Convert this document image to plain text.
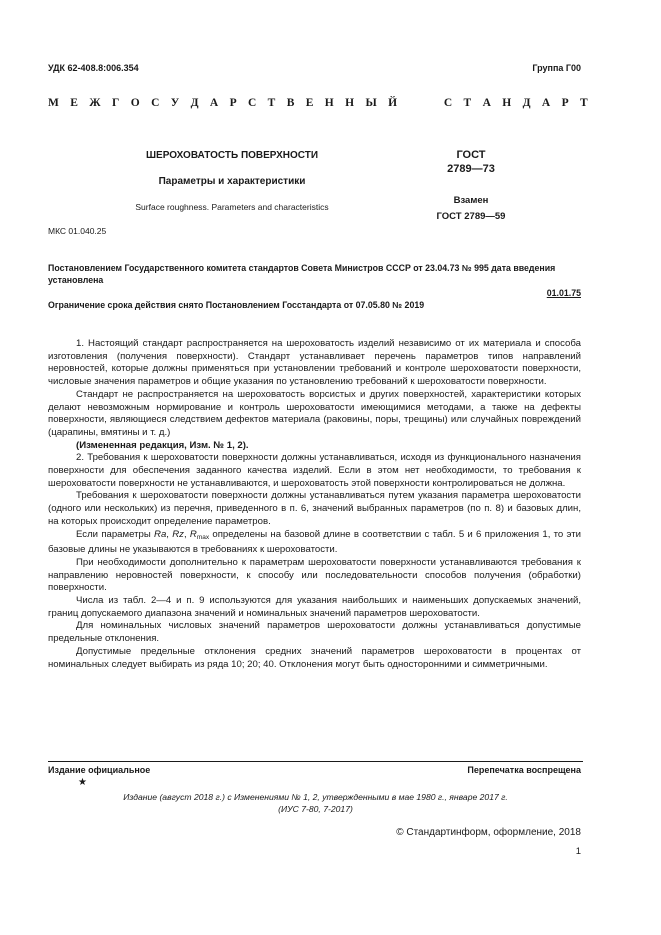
УДК 62-408.8:006.354	Группа Г00
М Е Ж Г О С У Д А Р С Т В Е Н Н Ы Й	С Т А Н Д А Р Т
ШЕРОХОВАТОСТЬ ПОВЕРХНОСТИ
Параметры и характеристики
Surface roughness. Parameters and characteristics
ГОСТ
2789—73
Взамен
ГОСТ 2789—59
МКС 01.040.25
Постановлением Государственного комитета стандартов Совета Министров СССР от 23.04.73 № 995 дата введения установлена
01.01.75
Ограничение срока действия снято Постановлением Госстандарта от 07.05.80 № 2019

1. Настоящий стандарт распространяется на шероховатость изделий независимо от их материала и способа изготовления (получения поверхности). Стандарт устанавливает перечень параметров типов направлений неровностей, которые должны применяться при установлении требований и контроле шероховатости поверхности, числовые значения параметров и общие указания по установлению требований к шероховатости поверхности.

Стандарт не распространяется на шероховатость ворсистых и других поверхностей, характеристики которых делают невозможным нормирование и контроль шероховатости имеющимися методами, а также на дефекты поверхности, являющиеся следствием дефектов материала (раковины, поры, трещины) или случайных повреждений (царапины, вмятины и т. д.)

(Измененная редакция, Изм. № 1, 2).

2. Требования к шероховатости поверхности должны устанавливаться, исходя из функционального назначения поверхности для обеспечения заданного качества изделий. Если в этом нет необходимости, то требования к шероховатости поверхности не устанавливаются, и шероховатость этой поверхности контролироваться не должна.

Требования к шероховатости поверхности должны устанавливаться путем указания параметра шероховатости (одного или нескольких) из перечня, приведенного в п. 6, значений выбранных параметров (по п. 8) и базовых длин, на которых происходит определение параметров.

Если параметры Ra, Rz, $R_{max}$ определены на базовой длине в соответствии с табл. 5 и 6 приложения 1, то эти базовые длины не указываются в требованиях к шероховатости.

При необходимости дополнительно к параметрам шероховатости поверхности устанавливаются требования к направлению неровностей поверхности, к способу или последовательности способов получения (обработки) поверхности.

Числа из табл. 2—4 и п. 9 используются для указания наибольших и наименьших допускаемых значений, границ допускаемого диапазона значений и номинальных значений параметров шероховатости.

Для номинальных числовых значений параметров шероховатости должны устанавливаться допустимые предельные отклонения.

Допустимые предельные отклонения средних значений параметров шероховатости в процентах от номинальных следует выбирать из ряда 10; 20; 40. Отклонения могут быть односторонними и симметричными.

Издание официальное	Перепечатка воспрещена
★
Издание (август 2018 г.) с Изменениями № 1, 2, утвержденными в мае 1980 г., январе 2017 г.
(ИУС 7-80, 7-2017)
© Стандартинформ, оформление, 2018
1
